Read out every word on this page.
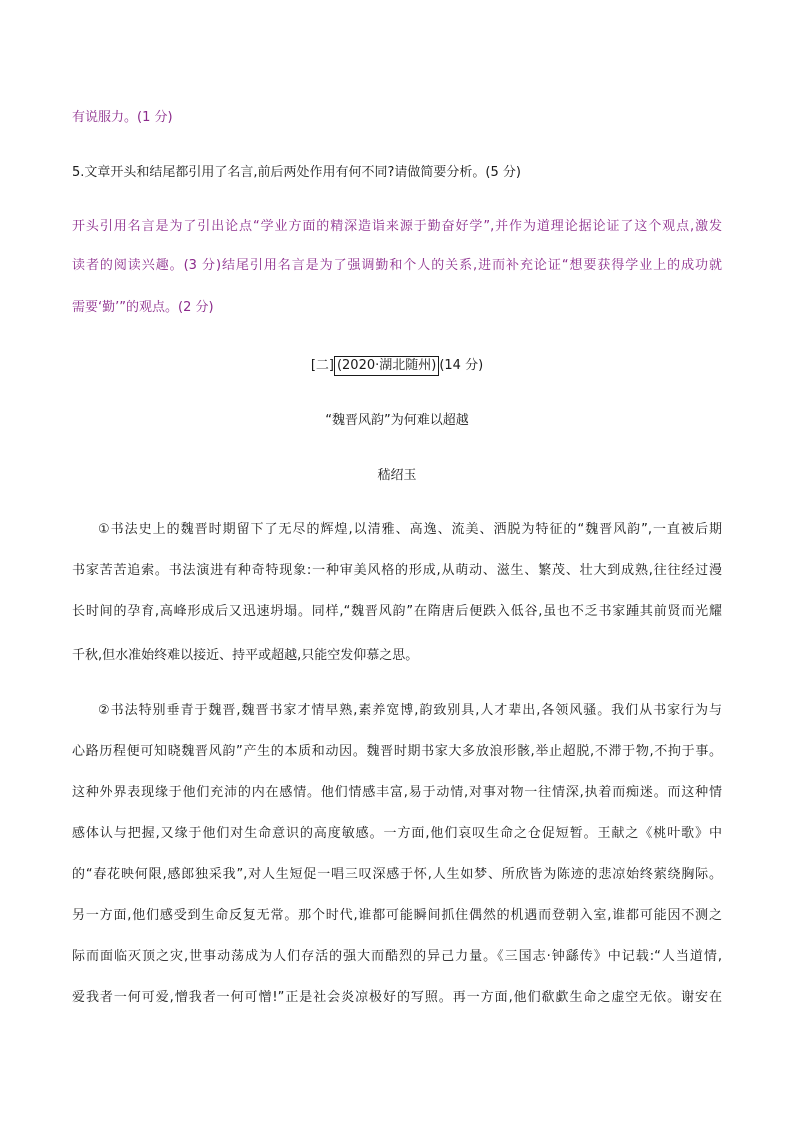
有说服力。(1 分)
5.文章开头和结尾都引用了名言,前后两处作用有何不同?请做简要分析。(5 分)
开头引用名言是为了引出论点“学业方面的精深造诣来源于勤奋好学”,并作为道理论据论证了这个观点,激发
读者的阅读兴趣。(3 分)结尾引用名言是为了强调勤和个人的关系,进而补充论证“想要获得学业上的成功就
需要‘勤’”的观点。(2 分)
[二] (2020·湖北随州) (14 分)
“魏晋风韵”为何难以超越
嵇绍玉
①书法史上的魏晋时期留下了无尽的辉煌,以清雅、高逸、流美、洒脱为特征的“魏晋风韵”,一直被后期
书家苦苦追索。书法演进有种奇特现象:一种审美风格的形成,从萌动、滋生、繁茂、壮大到成熟,往往经过漫
长时间的孕育,高峰形成后又迅速坍塌。同样,“魏晋风韵”在隋唐后便跌入低谷,虽也不乏书家踵其前贤而光耀
千秋,但水准始终难以接近、持平或超越,只能空发仰慕之思。
②书法特别垂青于魏晋,魏晋书家才情早熟,素养宽博,韵致别具,人才辈出,各领风骚。我们从书家行为与
心路历程便可知晓魏晋风韵”产生的本质和动因。魏晋时期书家大多放浪形骸,举止超脱,不滞于物,不拘于事。
这种外界表现缘于他们充沛的内在感情。他们情感丰富,易于动情,对事对物一往情深,执着而痴迷。而这种情
感体认与把握,又缘于他们对生命意识的高度敏感。一方面,他们哀叹生命之仓促短暂。王献之《桃叶歌》中
的“春花映何限,感郎独采我”,对人生短促一唱三叹深感于怀,人生如梦、所欣皆为陈迹的悲凉始终萦绕胸际。
另一方面,他们感受到生命反复无常。那个时代,谁都可能瞬间抓住偶然的机遇而登朝入室,谁都可能因不测之
际而面临灭顶之灾,世事动荡成为人们存活的强大而酷烈的异己力量。《三国志·钟繇传》中记载:“人当道情,
爱我者一何可爱,憎我者一何可憎!”正是社会炎凉极好的写照。再一方面,他们欷歔生命之虚空无依。谢安在
